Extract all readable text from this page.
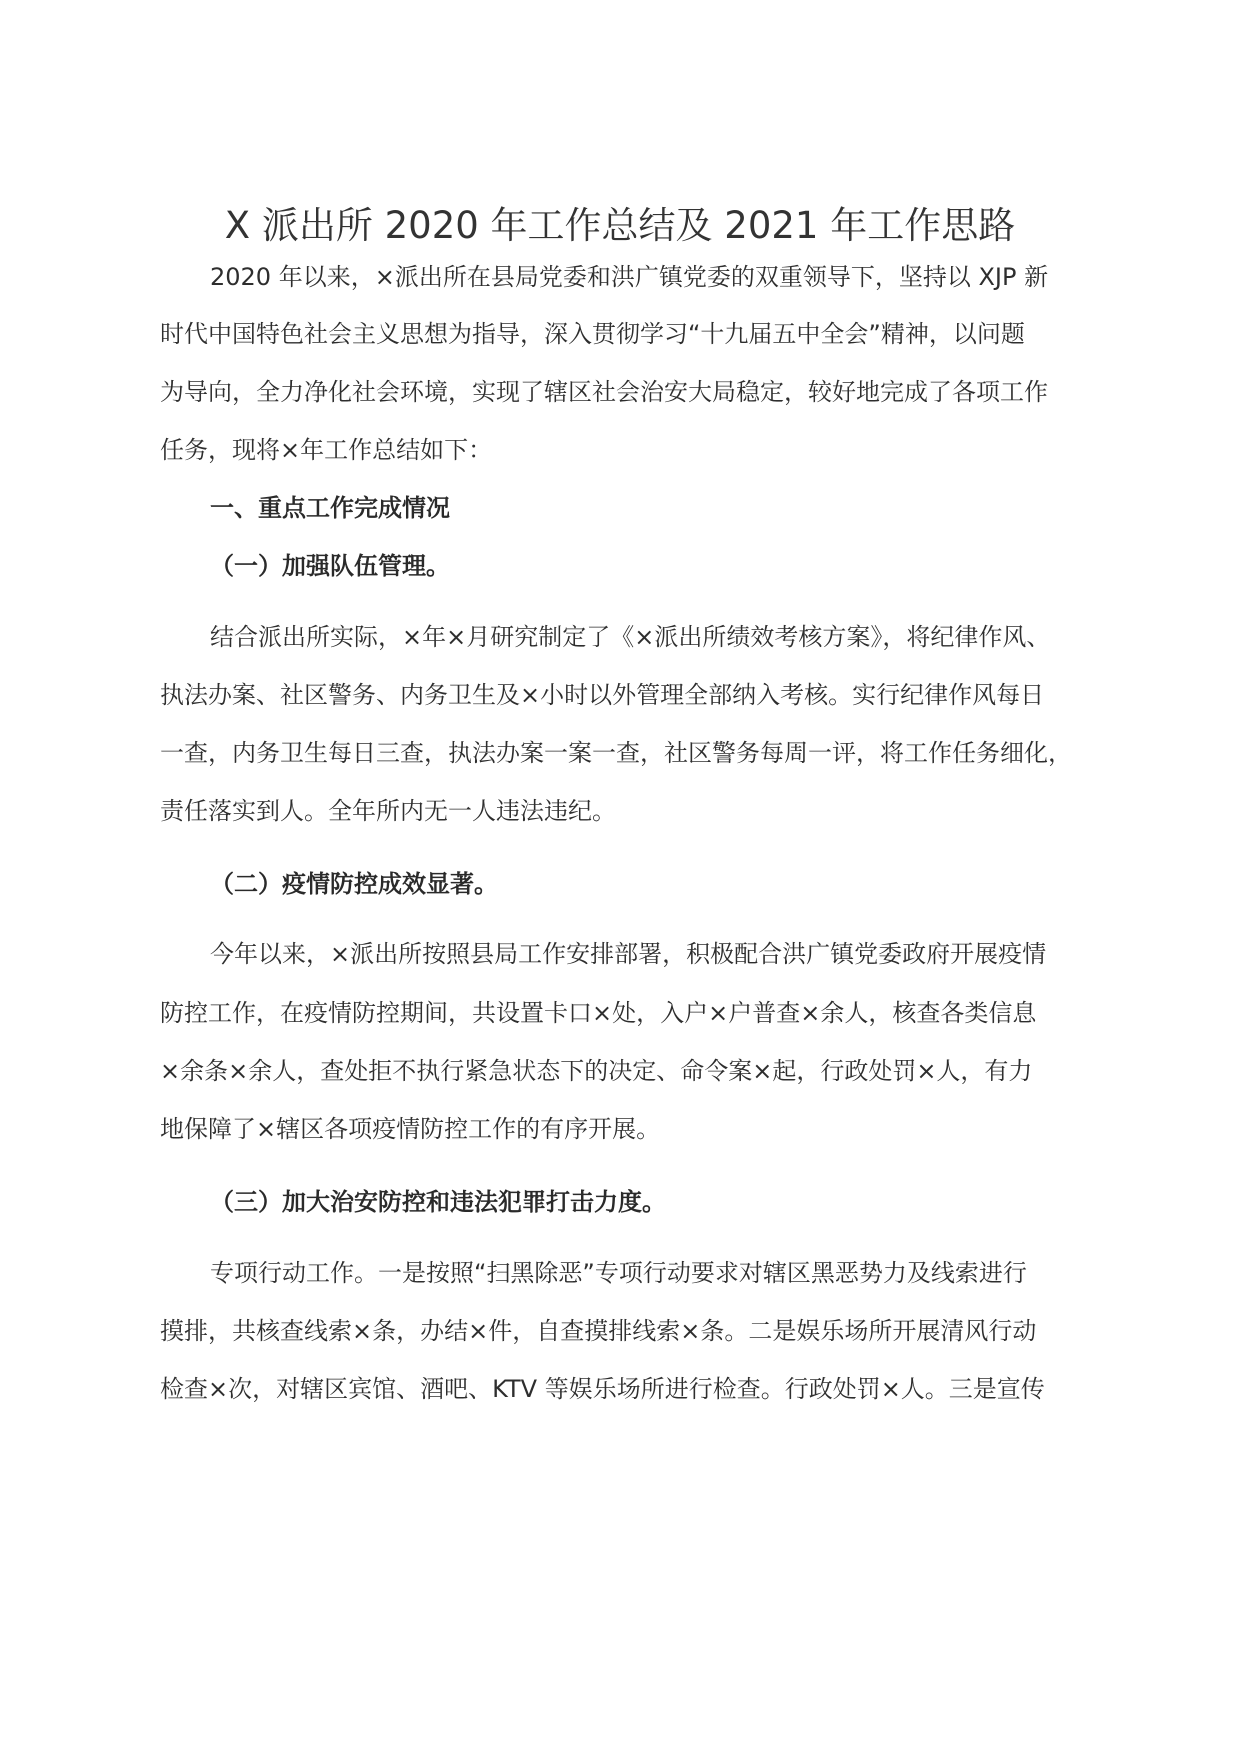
X 派出所 2020 年工作总结及 2021 年工作思路
2020 年以来，×派出所在县局党委和洪广镇党委的双重领导下，坚持以 XJP 新
时代中国特色社会主义思想为指导，深入贯彻学习“十九届五中全会”精神，以问题
为导向，全力净化社会环境，实现了辖区社会治安大局稳定，较好地完成了各项工作
任务，现将×年工作总结如下：
一、重点工作完成情况
（一）加强队伍管理。
结合派出所实际，×年×月研究制定了《×派出所绩效考核方案》，将纪律作风、
执法办案、社区警务、内务卫生及×小时以外管理全部纳入考核。实行纪律作风每日
一查，内务卫生每日三查，执法办案一案一查，社区警务每周一评，将工作任务细化，
责任落实到人。全年所内无一人违法违纪。
（二）疫情防控成效显著。
今年以来，×派出所按照县局工作安排部署，积极配合洪广镇党委政府开展疫情
防控工作，在疫情防控期间，共设置卡口×处，入户×户普查×余人，核查各类信息
×余条×余人，查处拒不执行紧急状态下的决定、命令案×起，行政处罚×人，有力
地保障了×辖区各项疫情防控工作的有序开展。
（三）加大治安防控和违法犯罪打击力度。
专项行动工作。一是按照“扫黑除恶”专项行动要求对辖区黑恶势力及线索进行
摸排，共核查线索×条，办结×件，自查摸排线索×条。二是娱乐场所开展清风行动
检查×次，对辖区宾馆、酒吧、KTV 等娱乐场所进行检查。行政处罚×人。三是宣传
